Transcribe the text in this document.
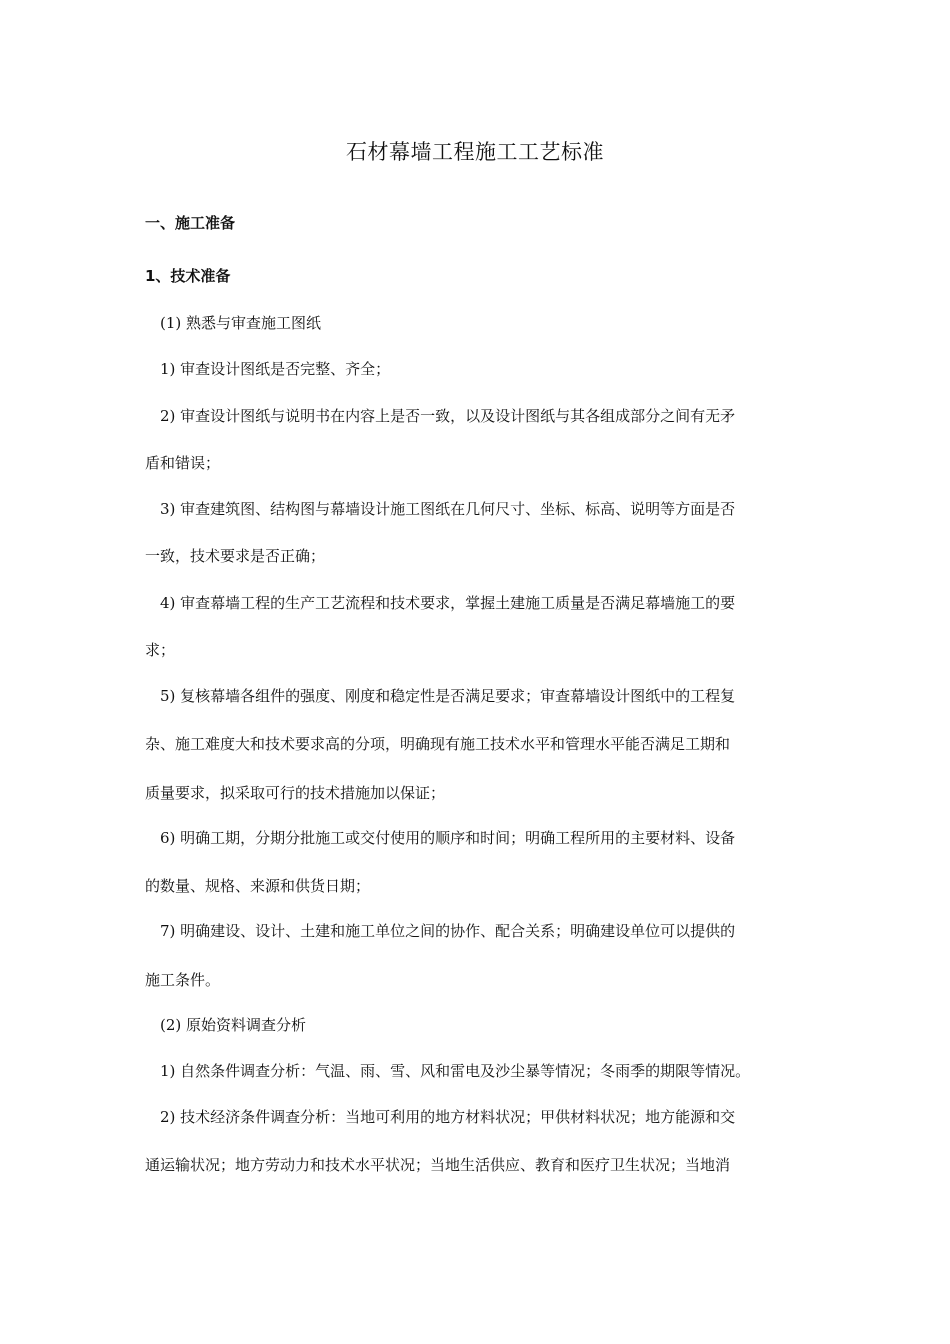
石材幕墙工程施工工艺标准
一、施工准备
1、技术准备
(1) 熟悉与审查施工图纸
1) 审查设计图纸是否完整、齐全；
2) 审查设计图纸与说明书在内容上是否一致，以及设计图纸与其各组成部分之间有无矛
盾和错误；
3) 审查建筑图、结构图与幕墙设计施工图纸在几何尺寸、坐标、标高、说明等方面是否
一致，技术要求是否正确；
4) 审查幕墙工程的生产工艺流程和技术要求，掌握土建施工质量是否满足幕墙施工的要
求；
5) 复核幕墙各组件的强度、刚度和稳定性是否满足要求；审查幕墙设计图纸中的工程复
杂、施工难度大和技术要求高的分项，明确现有施工技术水平和管理水平能否满足工期和
质量要求，拟采取可行的技术措施加以保证；
6) 明确工期，分期分批施工或交付使用的顺序和时间；明确工程所用的主要材料、设备
的数量、规格、来源和供货日期；
7) 明确建设、设计、土建和施工单位之间的协作、配合关系；明确建设单位可以提供的
施工条件。
(2) 原始资料调查分析
1) 自然条件调查分析：气温、雨、雪、风和雷电及沙尘暴等情况；冬雨季的期限等情况。
2) 技术经济条件调查分析：当地可利用的地方材料状况；甲供材料状况；地方能源和交
通运输状况；地方劳动力和技术水平状况；当地生活供应、教育和医疗卫生状况；当地消
